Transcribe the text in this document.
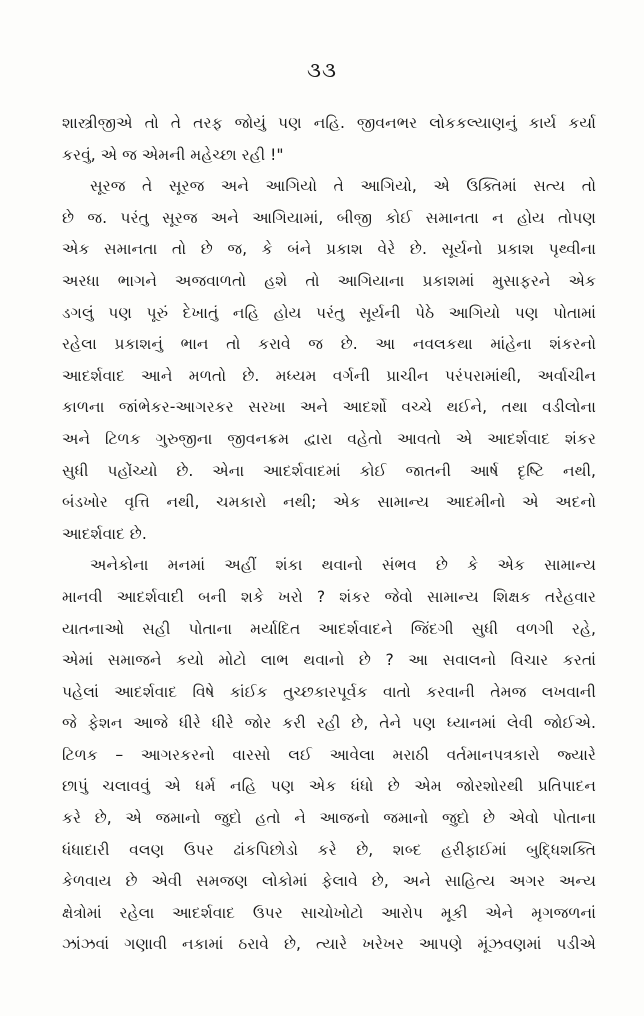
૩૩
શાસ્ત્રીજીએ તો તે તરફ જોયું પણ નહિ. જીવનભર લોકકલ્યાણનું કાર્ય કર્યા
કરવું, એ જ એમની મહેચ્છા રહી !"
સૂરજ તે સૂરજ અને આગિયો તે આગિયો, એ ઉક્તિમાં સત્ય તો
છે જ. પરંતુ સૂરજ અને આગિયામાં, બીજી કોઈ સમાનતા ન હોય તોપણ
એક સમાનતા તો છે જ, કે બંને પ્રકાશ વેરે છે. સૂર્યનો પ્રકાશ પૃથ્વીના
અરધા ભાગને અજવાળતો હશે તો આગિયાના પ્રકાશમાં મુસાફરને એક
ડગલું પણ પૂરું દેખાતું નહિ હોય પરંતુ સૂર્યની પેઠે આગિયો પણ પોતામાં
રહેલા પ્રકાશનું ભાન તો કરાવે જ છે. આ નવલકથા માંહેના શંકરનો
આદર્શવાદ આને મળતો છે. મધ્યમ વર્ગની પ્રાચીન પરંપરામાંથી, અર્વાચીન
કાળના જાંભેકર-આગરકર સરખા અને આદર્શો વચ્ચે થઈને, તથા વડીલોના
અને ટિળક ગુરુજીના જીવનક્રમ દ્વારા વહેતો આવતો એ આદર્શવાદ શંકર
સુધી પહોંચ્યો છે. એના આદર્શવાદમાં કોઈ જાતની આર્ષ દૃષ્ટિ નથી,
બંડખોર વૃત્તિ નથી, ચમકારો નથી; એક સામાન્ય આદમીનો એ અદનો
આદર્શવાદ છે.
અનેકોના મનમાં અહીં શંકા થવાનો સંભવ છે કે એક સામાન્ય
માનવી આદર્શવાદી બની શકે ખરો ? શંકર જેવો સામાન્ય શિક્ષક તરેહવાર
યાતનાઓ સહી પોતાના મર્યાદિત આદર્શવાદને જિંદગી સુધી વળગી રહે,
એમાં સમાજને કયો મોટો લાભ થવાનો છે ? આ સવાલનો વિચાર કરતાં
પહેલાં આદર્શવાદ વિષે કાંઈક તુચ્છકારપૂર્વક વાતો કરવાની તેમજ લખવાની
જે ફેશન આજે ધીરે ધીરે જોર કરી રહી છે, તેને પણ ધ્યાનમાં લેવી જોઈએ.
ટિળક – આગરકરનો વારસો લઈ આવેલા મરાઠી વર્તમાનપત્રકારો જ્યારે
છાપું ચલાવવું એ ધર્મ નહિ પણ એક ધંધો છે એમ જોરશોરથી પ્રતિપાદન
કરે છે, એ જમાનો જુદો હતો ને આજનો જમાનો જુદો છે એવો પોતાના
ધંધાદારી વલણ ઉપર ઢાંકપિછોડો કરે છે, શબ્દ હરીફાઈમાં બુદ્ધિશક્તિ
કેળવાય છે એવી સમજણ લોકોમાં ફેલાવે છે, અને સાહિત્ય અગર અન્ય
ક્ષેત્રોમાં રહેલા આદર્શવાદ ઉપર સાચોખોટો આરોપ મૂકી એને મૃગજળનાં
ઝાંઝવાં ગણાવી નકામાં ઠરાવે છે, ત્યારે ખરેખર આપણે મૂંઝવણમાં પડીએ
